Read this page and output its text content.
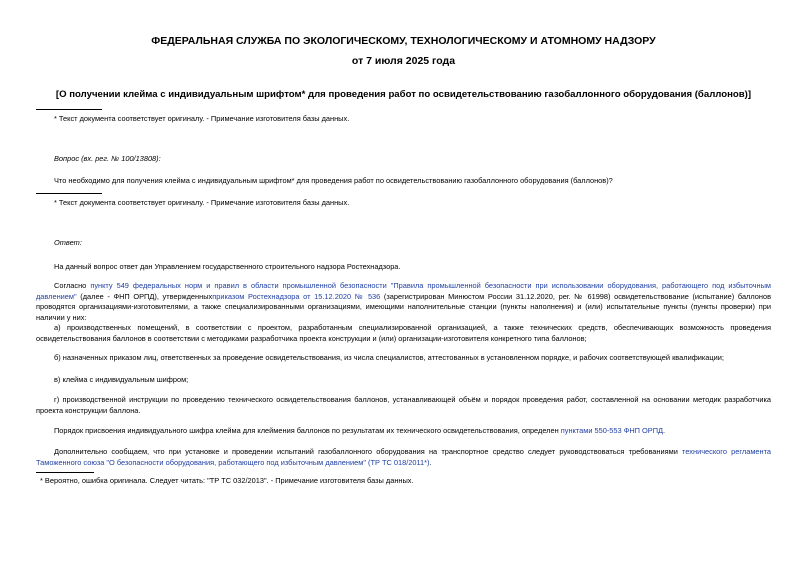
ФЕДЕРАЛЬНАЯ СЛУЖБА ПО ЭКОЛОГИЧЕСКОМУ, ТЕХНОЛОГИЧЕСКОМУ И АТОМНОМУ НАДЗОРУ
от 7 июля 2025 года
[О получении клейма с индивидуальным шрифтом* для проведения работ по освидетельствованию газобаллонного оборудования (баллонов)]
* Текст документа соответствует оригиналу. - Примечание изготовителя базы данных.
Вопрос (вх. рег. № 100/13808):
Что необходимо для получения клейма с индивидуальным шрифтом* для проведения работ по освидетельствованию газобаллонного оборудования (баллонов)?
* Текст документа соответствует оригиналу. - Примечание изготовителя базы данных.
Ответ:
На данный вопрос ответ дан Управлением государственного строительного надзора Ростехнадзора.
Согласно пункту 549 федеральных норм и правил в области промышленной безопасности "Правила промышленной безопасности при использовании оборудования, работающего под избыточным давлением" (далее - ФНП ОРПД), утвержденныхприказом Ростехнадзора от 15.12.2020 № 536 (зарегистрирован Минюстом России 31.12.2020, рег. № 61998) освидетельствование (испытание) баллонов проводятся организациями-изготовителями, а также специализированными организациями, имеющими наполнительные станции (пункты наполнения) и (или) испытательные пункты (пункты проверки) при наличии у них:
а) производственных помещений, в соответствии с проектом, разработанным специализированной организацией, а также технических средств, обеспечивающих возможность проведения освидетельствования баллонов в соответствии с методиками разработчика проекта конструкции и (или) организации-изготовителя конкретного типа баллонов;
б) назначенных приказом лиц, ответственных за проведение освидетельствования, из числа специалистов, аттестованных в установленном порядке, и рабочих соответствующей квалификации;
в) клейма с индивидуальным шифром;
г) производственной инструкции по проведению технического освидетельствования баллонов, устанавливающей объём и порядок проведения работ, составленной на основании методик разработчика проекта конструкции баллона.
Порядок присвоения индивидуального шифра клейма для клеймения баллонов по результатам их технического освидетельствования, определен пунктами 550-553 ФНП ОРПД.
Дополнительно сообщаем, что при установке и проведении испытаний газобаллонного оборудования на транспортное средство следует руководствоваться требованиями технического регламента Таможенного союза "О безопасности оборудования, работающего под избыточным давлением" (ТР ТС 018/2011*).
* Вероятно, ошибка оригинала. Следует читать: "ТР ТС 032/2013". - Примечание изготовителя базы данных.
